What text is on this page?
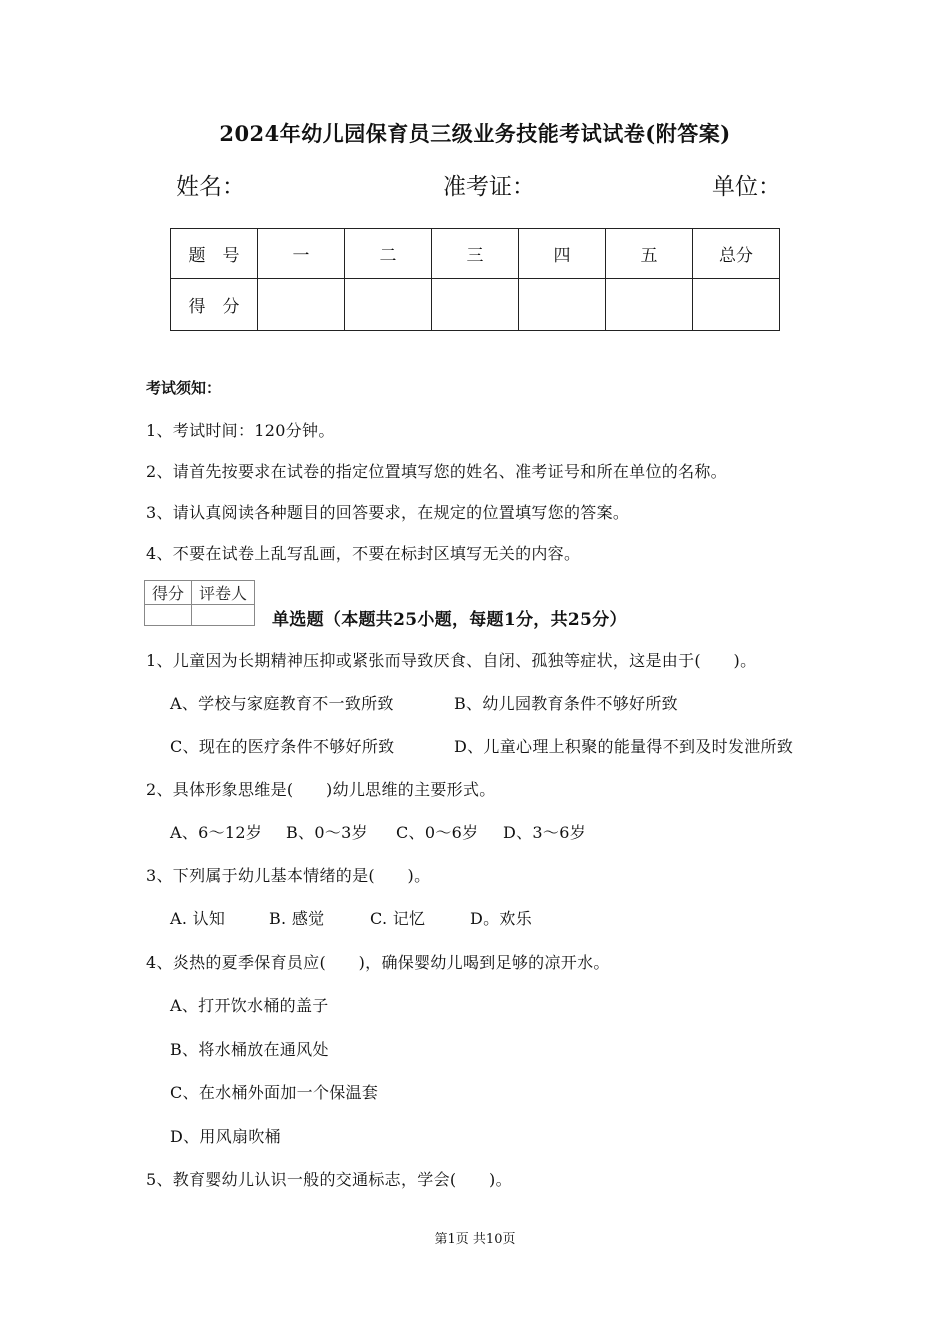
2024年幼儿园保育员三级业务技能考试试卷(附答案)
姓名：	准考证：	单位：
题　号	一	二	三	四	五	总分
得　分						
考试须知：
1、考试时间：120分钟。
2、请首先按要求在试卷的指定位置填写您的姓名、准考证号和所在单位的名称。
3、请认真阅读各种题目的回答要求，在规定的位置填写您的答案。
4、不要在试卷上乱写乱画，不要在标封区填写无关的内容。
得分	评卷人

单选题（本题共25小题，每题1分，共25分）
1、儿童因为长期精神压抑或紧张而导致厌食、自闭、孤独等症状，这是由于(　　)。
A、学校与家庭教育不一致所致	B、幼儿园教育条件不够好所致
C、现在的医疗条件不够好所致	D、儿童心理上积聚的能量得不到及时发泄所致
2、具体形象思维是(　　)幼儿思维的主要形式。
A、6～12岁 B、0～3岁 C、0～6岁 D、3～6岁
3、下列属于幼儿基本情绪的是(　　)。
A. 认知	B. 感觉	C. 记忆	D。欢乐
4、炎热的夏季保育员应(　　)，确保婴幼儿喝到足够的凉开水。
A、打开饮水桶的盖子
B、将水桶放在通风处
C、在水桶外面加一个保温套
D、用风扇吹桶
5、教育婴幼儿认识一般的交通标志，学会(　　)。
第1页 共10页
